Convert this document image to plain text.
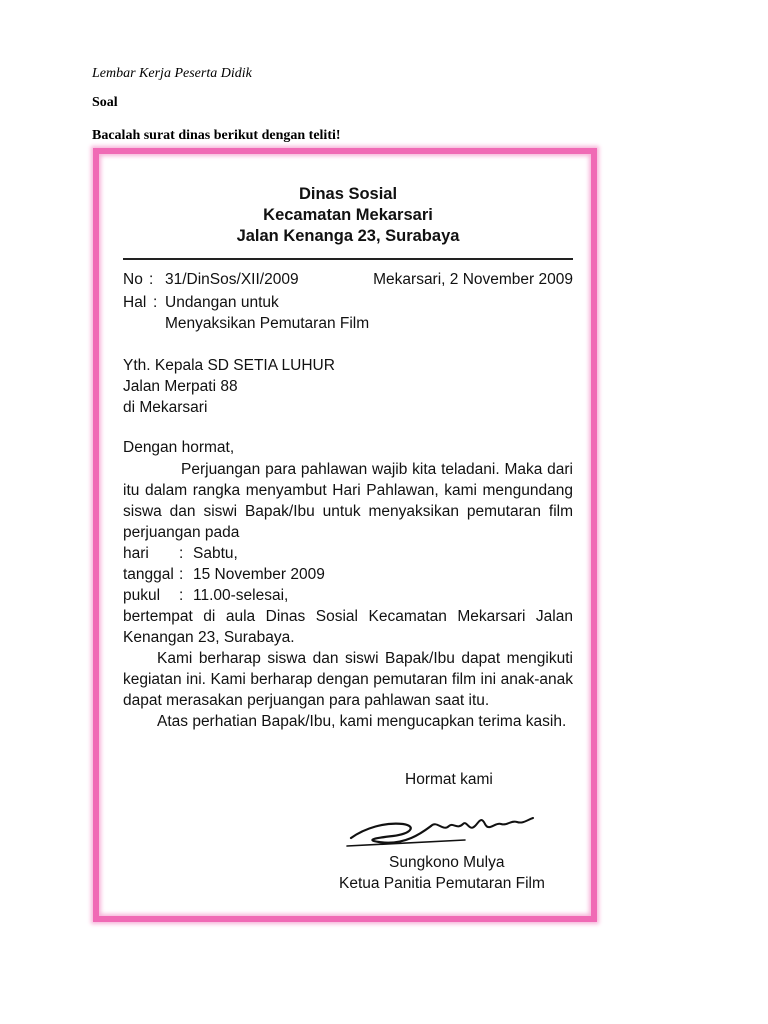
Lembar Kerja Peserta Didik
Soal
Bacalah surat dinas berikut dengan teliti!
Dinas Sosial
Kecamatan Mekarsari
Jalan Kenanga 23, Surabaya
No : 31/DinSos/XII/2009	Mekarsari, 2 November 2009
Hal : Undangan untuk
Menyaksikan Pemutaran Film
Yth. Kepala SD SETIA LUHUR
Jalan Merpati 88
di Mekarsari
Dengan hormat,
Perjuangan para pahlawan wajib kita teladani. Maka dari itu dalam rangka menyambut Hari Pahlawan, kami mengundang siswa dan siswi Bapak/Ibu untuk menyaksikan pemutaran film perjuangan pada
hari : Sabtu,
tanggal : 15 November 2009
pukul : 11.00-selesai,
bertempat di aula Dinas Sosial Kecamatan Mekarsari Jalan Kenangan 23, Surabaya.
Kami berharap siswa dan siswi Bapak/Ibu dapat mengikuti kegiatan ini. Kami berharap dengan pemutaran film ini anak-anak dapat merasakan perjuangan para pahlawan saat itu.
Atas perhatian Bapak/Ibu, kami mengucapkan terima kasih.
Hormat kami
Sungkono Mulya
Ketua Panitia Pemutaran Film
